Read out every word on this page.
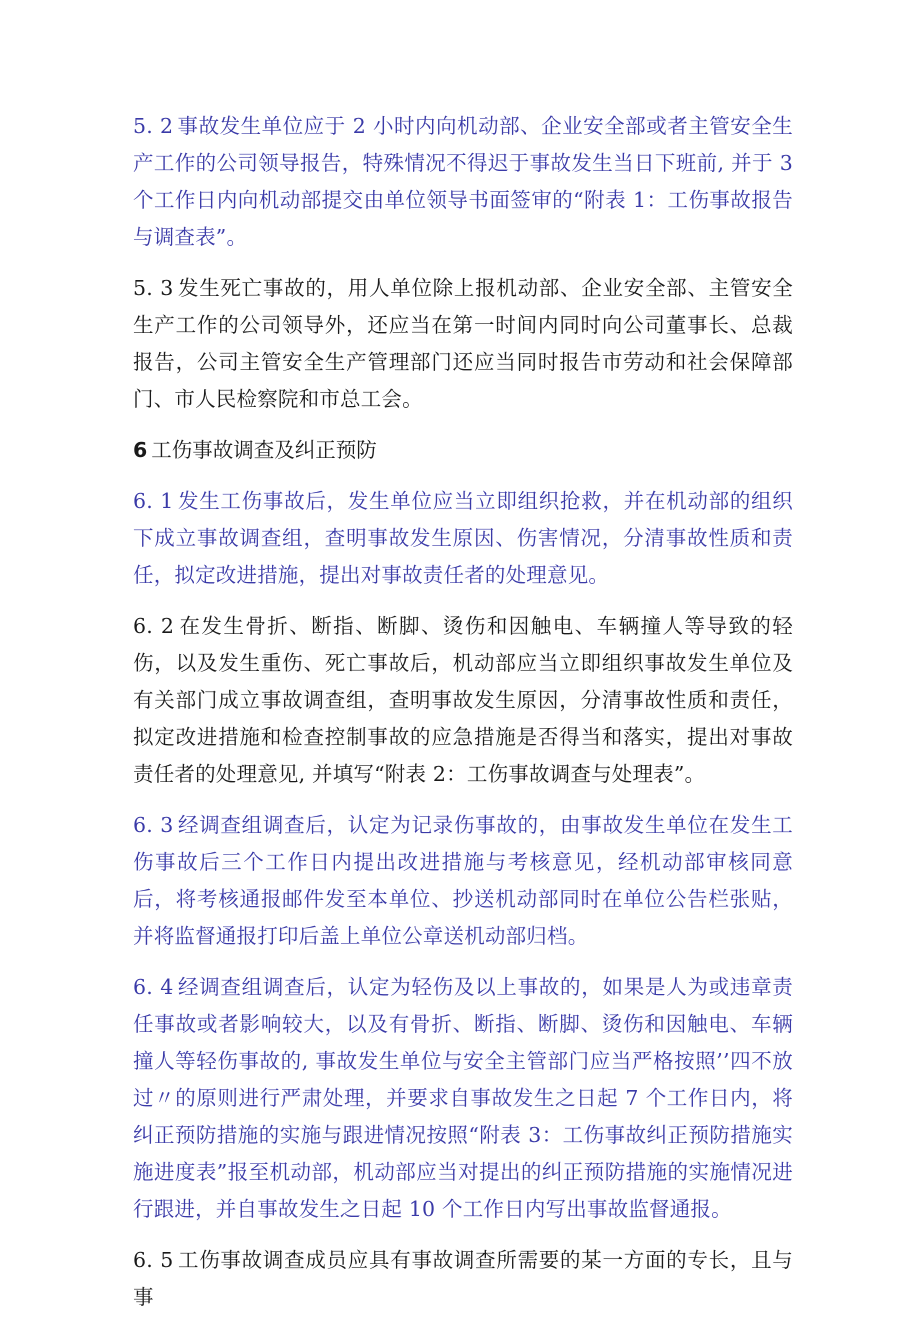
5. 2 事故发生单位应于 2 小时内向机动部、企业安全部或者主管安全生产工作的公司领导报告，特殊情况不得迟于事故发生当日下班前, 并于 3 个工作日内向机动部提交由单位领导书面签审的“附表 1：工伤事故报告与调查表”。

5. 3 发生死亡事故的，用人单位除上报机动部、企业安全部、主管安全生产工作的公司领导外，还应当在第一时间内同时向公司董事长、总裁报告，公司主管安全生产管理部门还应当同时报告市劳动和社会保障部门、市人民检察院和市总工会。

6 工伤事故调查及纠正预防

6. 1 发生工伤事故后，发生单位应当立即组织抢救，并在机动部的组织下成立事故调查组，查明事故发生原因、伤害情况，分清事故性质和责任，拟定改进措施，提出对事故责任者的处理意见。

6. 2 在发生骨折、断指、断脚、烫伤和因触电、车辆撞人等导致的轻伤，以及发生重伤、死亡事故后，机动部应当立即组织事故发生单位及有关部门成立事故调查组，查明事故发生原因，分清事故性质和责任，拟定改进措施和检查控制事故的应急措施是否得当和落实，提出对事故责任者的处理意见, 并填写“附表 2：工伤事故调查与处理表”。

6. 3 经调查组调查后，认定为记录伤事故的，由事故发生单位在发生工伤事故后三个工作日内提出改进措施与考核意见，经机动部审核同意后，将考核通报邮件发至本单位、抄送机动部同时在单位公告栏张贴，并将监督通报打印后盖上单位公章送机动部归档。

6. 4 经调查组调查后，认定为轻伤及以上事故的，如果是人为或违章责任事故或者影响较大，以及有骨折、断指、断脚、烫伤和因触电、车辆撞人等轻伤事故的, 事故发生单位与安全主管部门应当严格按照’’四不放过〃的原则进行严肃处理，并要求自事故发生之日起 7 个工作日内，将纠正预防措施的实施与跟进情况按照“附表 3：工伤事故纠正预防措施实施进度表”报至机动部，机动部应当对提出的纠正预防措施的实施情况进行跟进，并自事故发生之日起 10 个工作日内写出事故监督通报。

6. 5 工伤事故调查成员应具有事故调查所需要的某一方面的专长，且与事
